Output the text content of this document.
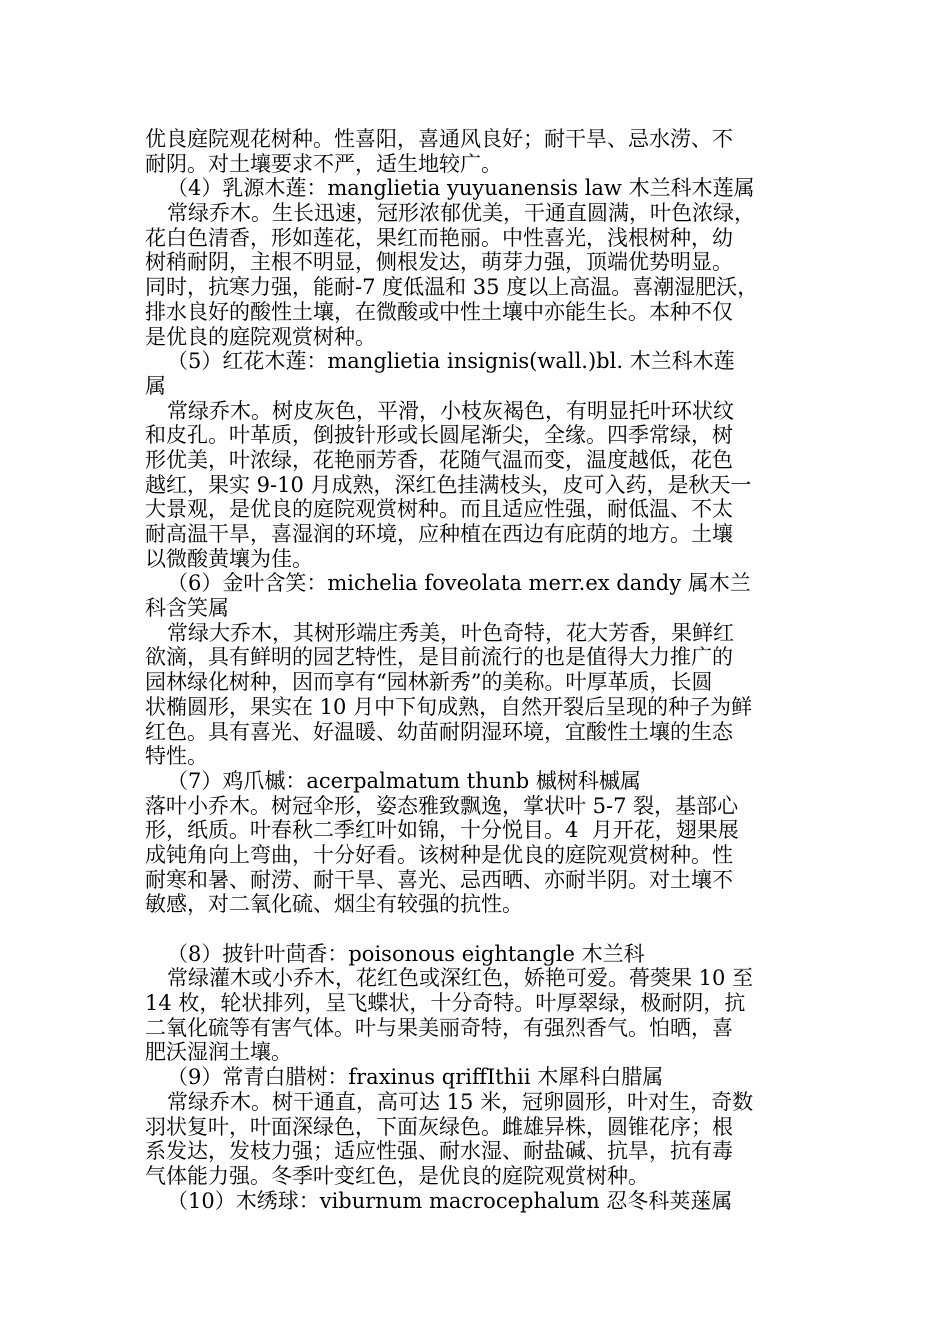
优良庭院观花树种。性喜阳，喜通风良好；耐干旱、忌水涝、不
耐阴。对土壤要求不严，适生地较广。
（4）乳源木莲：manglietia yuyuanensis law 木兰科木莲属
常绿乔木。生长迅速，冠形浓郁优美，干通直圆满，叶色浓绿，
花白色清香，形如莲花，果红而艳丽。中性喜光，浅根树种，幼
树稍耐阴，主根不明显，侧根发达，萌芽力强，顶端优势明显。
同时，抗寒力强，能耐-7 度低温和 35 度以上高温。喜潮湿肥沃，
排水良好的酸性土壤，在微酸或中性土壤中亦能生长。本种不仅
是优良的庭院观赏树种。
（5）红花木莲：manglietia insignis(wall.)bl. 木兰科木莲
属
常绿乔木。树皮灰色，平滑，小枝灰褐色，有明显托叶环状纹
和皮孔。叶革质，倒披针形或长圆尾渐尖，全缘。四季常绿，树
形优美，叶浓绿，花艳丽芳香，花随气温而变，温度越低，花色
越红，果实 9-10 月成熟，深红色挂满枝头，皮可入药，是秋天一
大景观，是优良的庭院观赏树种。而且适应性强，耐低温、不太
耐高温干旱，喜湿润的环境，应种植在西边有庇荫的地方。土壤
以微酸黄壤为佳。
（6）金叶含笑：michelia foveolata merr.ex dandy 属木兰
科含笑属
常绿大乔木，其树形端庄秀美，叶色奇特，花大芳香，果鲜红
欲滴，具有鲜明的园艺特性，是目前流行的也是值得大力推广的
园林绿化树种，因而享有“园林新秀”的美称。叶厚革质，长圆
状椭圆形，果实在 10 月中下旬成熟，自然开裂后呈现的种子为鲜
红色。具有喜光、好温暖、幼苗耐阴湿环境，宜酸性土壤的生态
特性。
（7）鸡爪槭：acerpalmatum thunb 槭树科槭属
落叶小乔木。树冠伞形，姿态雅致飘逸，掌状叶 5-7 裂，基部心
形，纸质。叶春秋二季红叶如锦，十分悦目。4  月开花，翅果展
成钝角向上弯曲，十分好看。该树种是优良的庭院观赏树种。性
耐寒和暑、耐涝、耐干旱、喜光、忌西晒、亦耐半阴。对土壤不
敏感，对二氧化硫、烟尘有较强的抗性。
（8）披针叶茴香：poisonous eightangle 木兰科
常绿灌木或小乔木，花红色或深红色，娇艳可爱。蓇葖果 10 至
14 枚，轮状排列，呈飞蝶状，十分奇特。叶厚翠绿，极耐阴，抗
二氧化硫等有害气体。叶与果美丽奇特，有强烈香气。怕晒，喜
肥沃湿润土壤。
（9）常青白腊树：fraxinus qriffIthii 木犀科白腊属
常绿乔木。树干通直，高可达 15 米，冠卵圆形，叶对生，奇数
羽状复叶，叶面深绿色，下面灰绿色。雌雄异株，圆锥花序；根
系发达，发枝力强；适应性强、耐水湿、耐盐碱、抗旱，抗有毒
气体能力强。冬季叶变红色，是优良的庭院观赏树种。
（10）木绣球：viburnum macrocephalum 忍冬科荚蒾属
